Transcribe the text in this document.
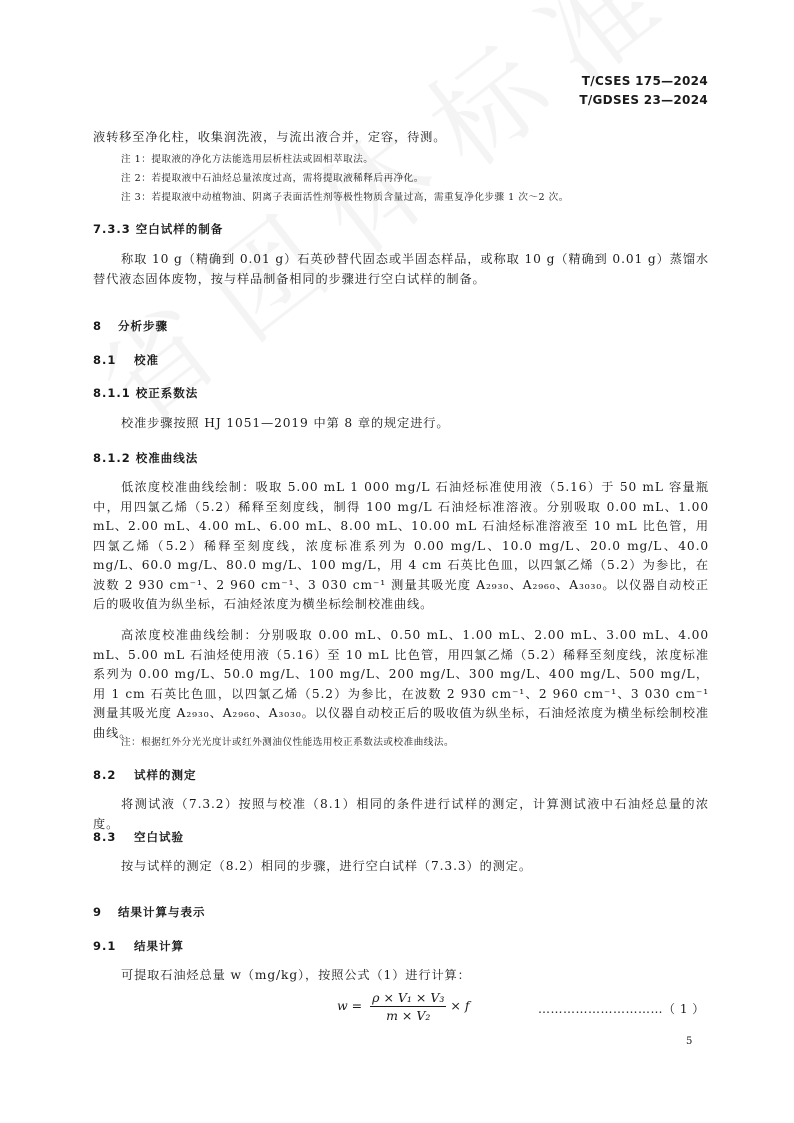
T/CSES 175—2024
T/GDSES 23—2024
液转移至净化柱，收集润洗液，与流出液合并，定容，待测。
注 1：提取液的净化方法能选用层析柱法或固相萃取法。
注 2：若提取液中石油烃总量浓度过高，需将提取液稀释后再净化。
注 3：若提取液中动植物油、阴离子表面活性剂等极性物质含量过高，需重复净化步骤 1 次～2 次。
7.3.3 空白试样的制备
称取 10 g（精确到 0.01 g）石英砂替代固态或半固态样品，或称取 10 g（精确到 0.01 g）蒸馏水替代液态固体废物，按与样品制备相同的步骤进行空白试样的制备。
8 分析步骤
8.1 校准
8.1.1 校正系数法
校准步骤按照 HJ 1051—2019 中第 8 章的规定进行。
8.1.2 校准曲线法
低浓度校准曲线绘制：吸取 5.00 mL 1 000 mg/L 石油烃标准使用液（5.16）于 50 mL 容量瓶中，用四氯乙烯（5.2）稀释至刻度线，制得 100 mg/L 石油烃标准溶液。分别吸取 0.00 mL、1.00 mL、2.00 mL、4.00 mL、6.00 mL、8.00 mL、10.00 mL 石油烃标准溶液至 10 mL 比色管，用四氯乙烯（5.2）稀释至刻度线，浓度标准系列为 0.00 mg/L、10.0 mg/L、20.0 mg/L、40.0 mg/L、60.0 mg/L、80.0 mg/L、100 mg/L，用 4 cm 石英比色皿，以四氯乙烯（5.2）为参比，在波数 2 930 cm⁻¹、2 960 cm⁻¹、3 030 cm⁻¹ 测量其吸光度 A₂₉₃₀、A₂₉₆₀、A₃₀₃₀。以仪器自动校正后的吸收值为纵坐标，石油烃浓度为横坐标绘制校准曲线。
高浓度校准曲线绘制：分别吸取 0.00 mL、0.50 mL、1.00 mL、2.00 mL、3.00 mL、4.00 mL、5.00 mL 石油烃使用液（5.16）至 10 mL 比色管，用四氯乙烯（5.2）稀释至刻度线，浓度标准系列为 0.00 mg/L、50.0 mg/L、100 mg/L、200 mg/L、300 mg/L、400 mg/L、500 mg/L，用 1 cm 石英比色皿，以四氯乙烯（5.2）为参比，在波数 2 930 cm⁻¹、2 960 cm⁻¹、3 030 cm⁻¹ 测量其吸光度 A₂₉₃₀、A₂₉₆₀、A₃₀₃₀。以仪器自动校正后的吸收值为纵坐标，石油烃浓度为横坐标绘制校准曲线。
注：根据红外分光光度计或红外测油仪性能选用校正系数法或校准曲线法。
8.2 试样的测定
将测试液（7.3.2）按照与校准（8.1）相同的条件进行试样的测定，计算测试液中石油烃总量的浓度。
8.3 空白试验
按与试样的测定（8.2）相同的步骤，进行空白试样（7.3.3）的测定。
9 结果计算与表示
9.1 结果计算
可提取石油烃总量 w（mg/kg），按照公式（1）进行计算：
$w = \frac{\text{ρ × V₁ × V₃}}{\text{m × V₂}} \times f$	…………………………（ 1 ）
5
